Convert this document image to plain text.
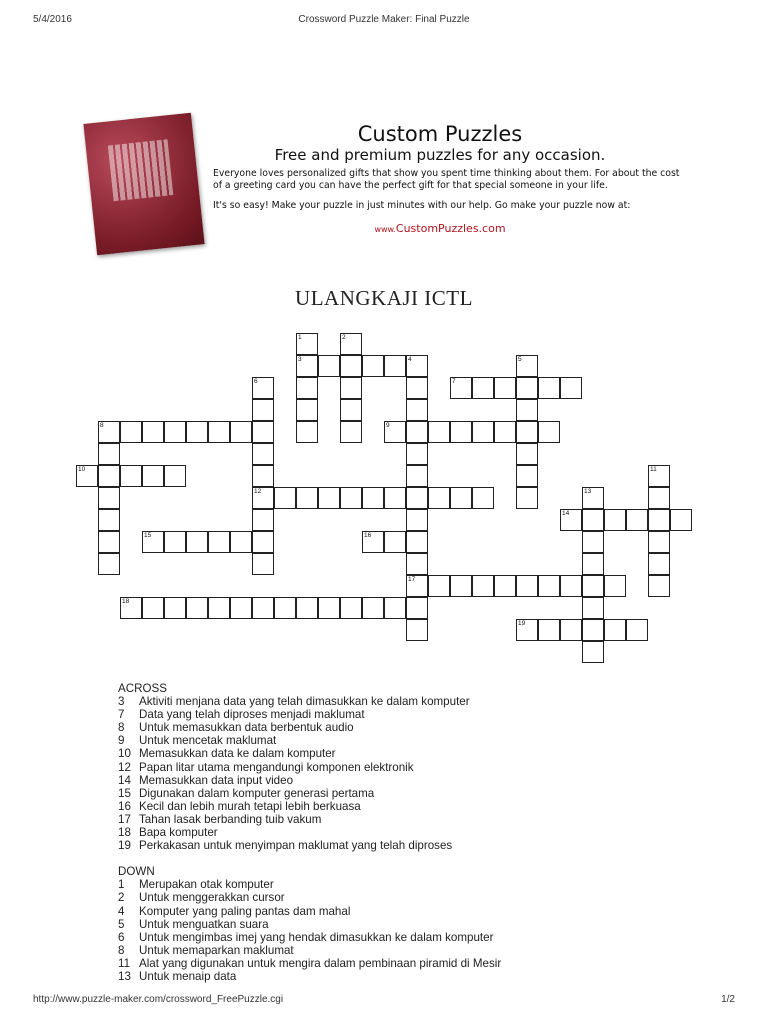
5/4/2016	Crossword Puzzle Maker: Final Puzzle
Custom Puzzles
Free and premium puzzles for any occasion.
Everyone loves personalized gifts that show you spent time thinking about them. For about the cost of a greeting card you can have the perfect gift for that special someone in your life.
It's so easy! Make your puzzle in just minutes with our help. Go make your puzzle now at:
www.CustomPuzzles.com
ULANGKAJI ICTL
1
3
2
4
17
5
6
12
7
8	9
10	11
13
14
15	16
18
19
ACROSS
3	Aktiviti menjana data yang telah dimasukkan ke dalam komputer
7	Data yang telah diproses menjadi maklumat
8	Untuk memasukkan data berbentuk audio
9	Untuk mencetak maklumat
10 Memasukkan data ke dalam komputer
12 Papan litar utama mengandungi komponen elektronik
14 Memasukkan data input video
15 Digunakan dalam komputer generasi pertama
16 Kecil dan lebih murah tetapi lebih berkuasa
17 Tahan lasak berbanding tuib vakum
18 Bapa komputer
19 Perkakasan untuk menyimpan maklumat yang telah diproses
DOWN
1	Merupakan otak komputer
2	Untuk menggerakkan cursor
4	Komputer yang paling pantas dam mahal
5	Untuk menguatkan suara
6	Untuk mengimbas imej yang hendak dimasukkan ke dalam komputer
8	Untuk memaparkan maklumat
11 Alat yang digunakan untuk mengira dalam pembinaan piramid di Mesir
13 Untuk menaip data
http://www.puzzle-maker.com/crossword_FreePuzzle.cgi	1/2
